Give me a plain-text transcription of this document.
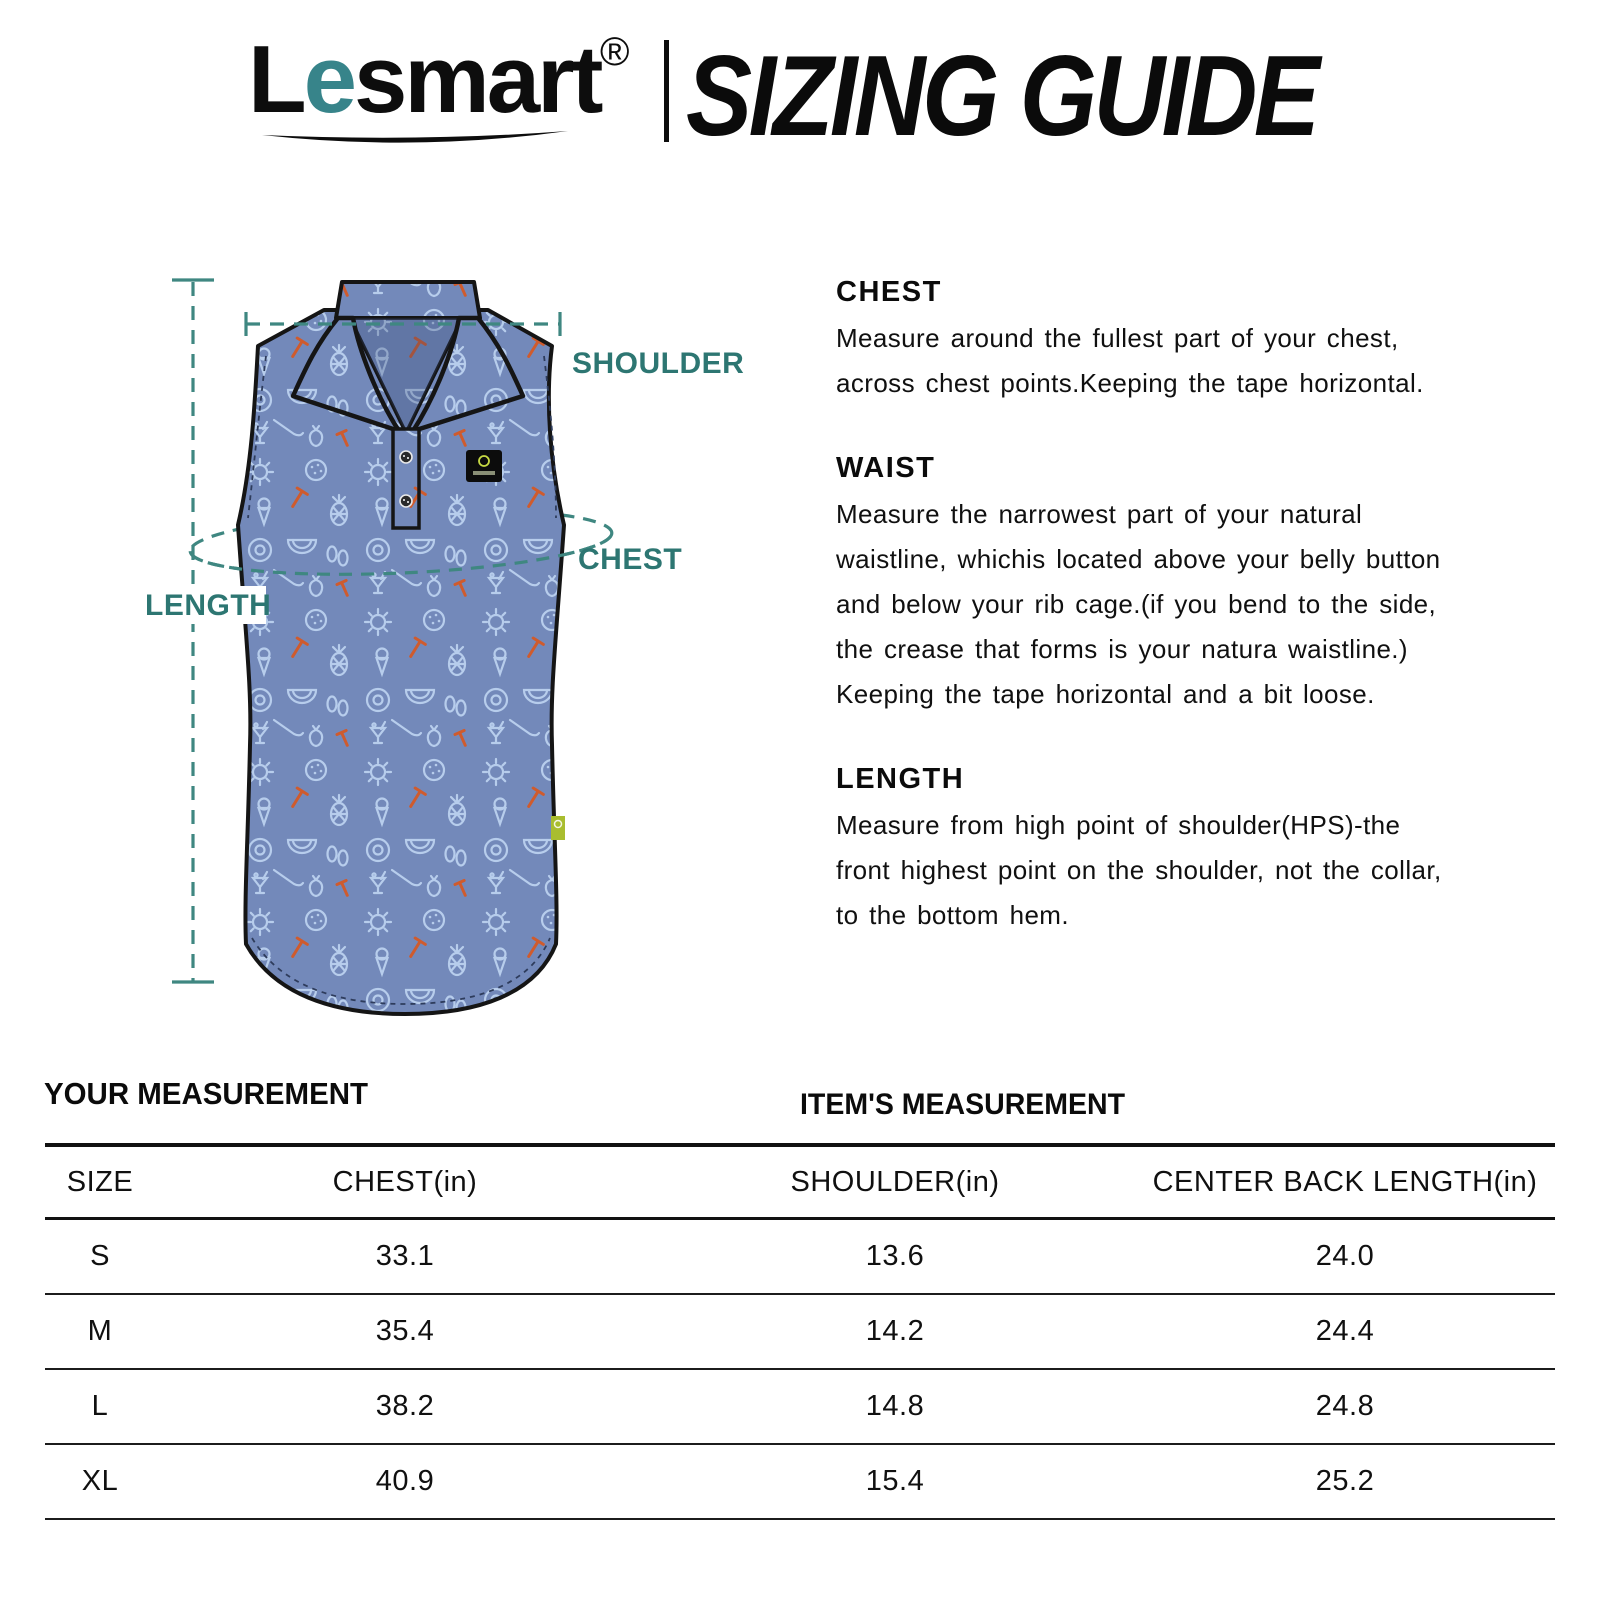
Lesmart ® SIZING GUIDE
LENGTH
SHOULDER
CHEST
CHEST
Measure around the fullest part of your chest,
across chest points.Keeping the tape horizontal.
WAIST
Measure the narrowest part of your natural
waistline, whichis located above your belly button
and below your rib cage.(if you bend to the side,
the crease that forms is your natura waistline.)
Keeping the tape horizontal and a bit loose.
LENGTH
Measure from high point of shoulder(HPS)-the
front highest point on the shoulder, not the collar,
to the bottom hem.
YOUR MEASUREMENT	ITEM'S MEASUREMENT
SIZE	CHEST(in)	SHOULDER(in)	CENTER BACK LENGTH(in)
S	33.1	13.6	24.0
M	35.4	14.2	24.4
L	38.2	14.8	24.8
XL	40.9	15.4	25.2
